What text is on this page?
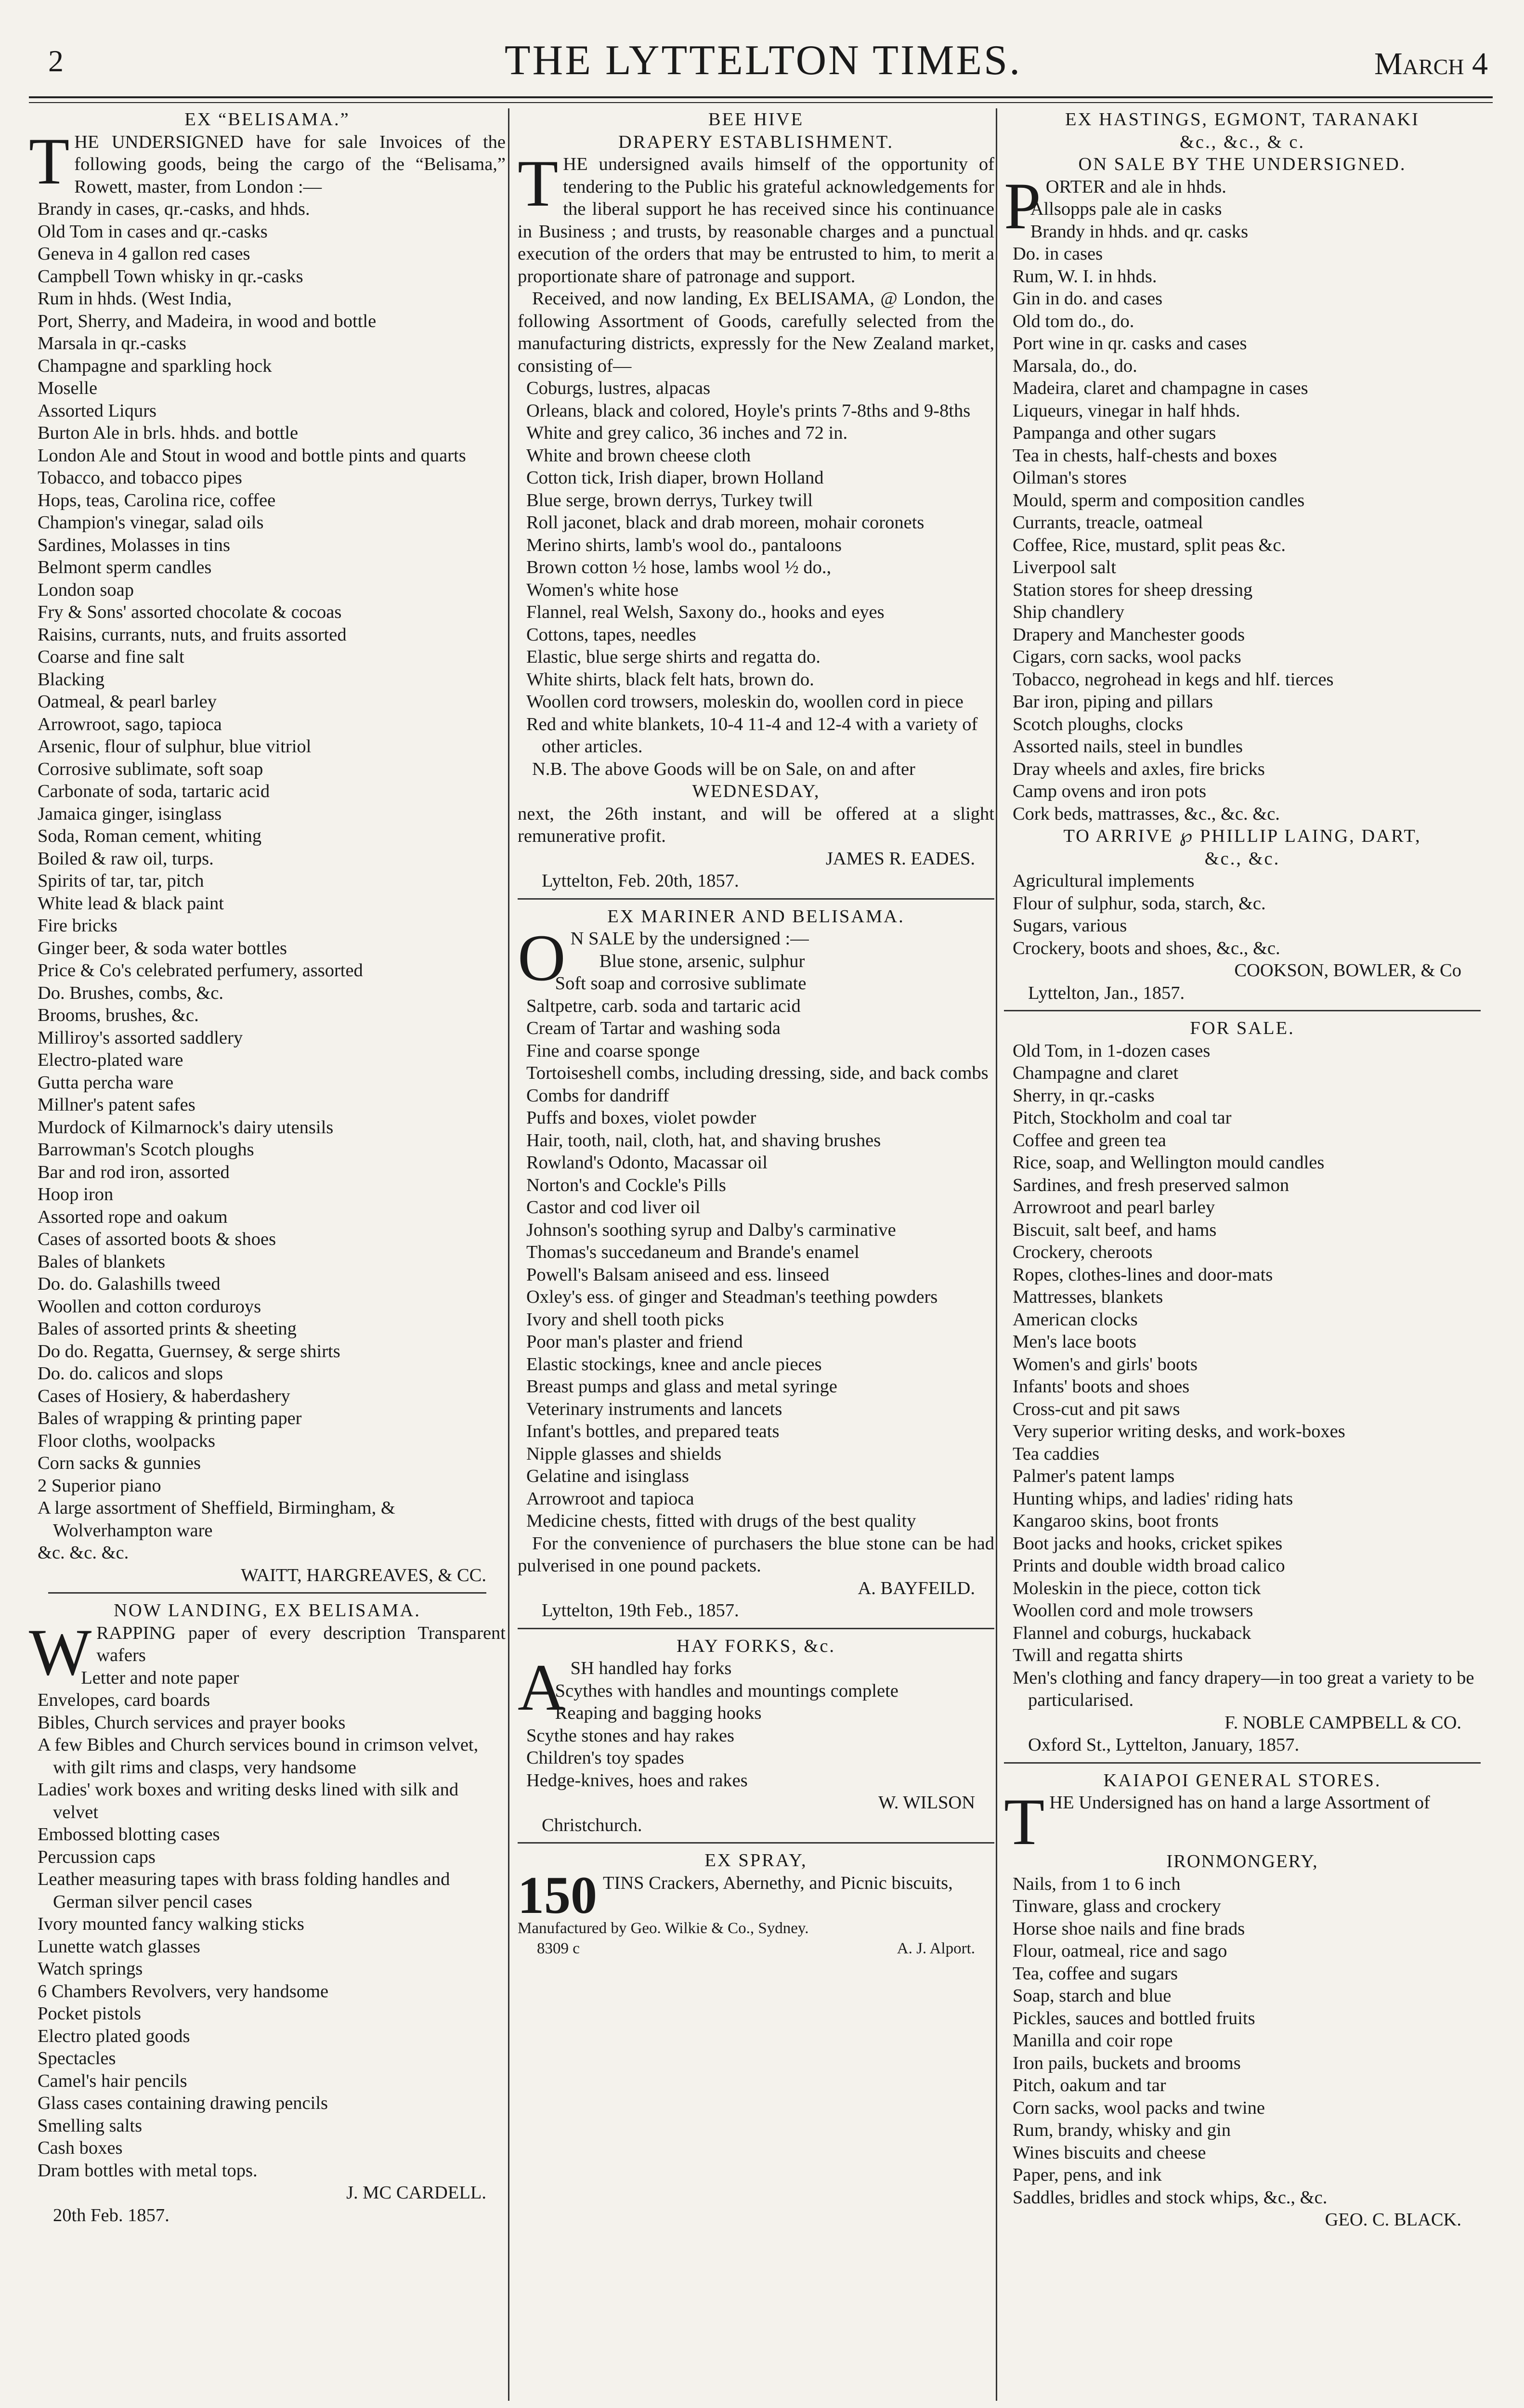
2	THE LYTTELTON TIMES.	March 4
EX “BELISAMA.”

THE UNDERSIGNED have for sale Invoices of the following goods, being the cargo of the “Belisama,” Rowett, master, from London :—

Brandy in cases, qr.-casks, and hhds.
Old Tom in cases and qr.-casks
Geneva in 4 gallon red cases
Campbell Town whisky in qr.-casks
Rum in hhds. (West India,
Port, Sherry, and Madeira, in wood and bottle
Marsala in qr.-casks
Champagne and sparkling hock
Moselle
Assorted Liqurs
Burton Ale in brls. hhds. and bottle
London Ale and Stout in wood and bottle pints and quarts
Tobacco, and tobacco pipes
Hops, teas, Carolina rice, coffee
Champion's vinegar, salad oils
Sardines, Molasses in tins
Belmont sperm candles
London soap
Fry & Sons' assorted chocolate & cocoas
Raisins, currants, nuts, and fruits assorted
Coarse and fine salt
Blacking
Oatmeal, & pearl barley
Arrowroot, sago, tapioca
Arsenic, flour of sulphur, blue vitriol
Corrosive sublimate, soft soap
Carbonate of soda, tartaric acid
Jamaica ginger, isinglass
Soda, Roman cement, whiting
Boiled & raw oil, turps.
Spirits of tar, tar, pitch
White lead & black paint
Fire bricks
Ginger beer, & soda water bottles
Price & Co's celebrated perfumery, assorted
Do. Brushes, combs, &c.
Brooms, brushes, &c.
Milliroy's assorted saddlery
Electro-plated ware
Gutta percha ware
Millner's patent safes
Murdock of Kilmarnock's dairy utensils
Barrowman's Scotch ploughs
Bar and rod iron, assorted
Hoop iron
Assorted rope and oakum
Cases of assorted boots & shoes
Bales of blankets
Do. do. Galashills tweed
Woollen and cotton corduroys
Bales of assorted prints & sheeting
Do do. Regatta, Guernsey, & serge shirts
Do. do. calicos and slops
Cases of Hosiery, & haberdashery
Bales of wrapping & printing paper
Floor cloths, woolpacks
Corn sacks & gunnies
2 Superior piano
A large assortment of Sheffield, Birmingham, & Wolverhampton ware
&c. &c. &c.
WAITT, HARGREAVES, & CC.
NOW LANDING, EX BELISAMA.

WRAPPING paper of every description Transparent wafers

Letter and note paper
Envelopes, card boards
Bibles, Church services and prayer books
A few Bibles and Church services bound in crimson velvet, with gilt rims and clasps, very handsome
Ladies' work boxes and writing desks lined with silk and velvet
Embossed blotting cases
Percussion caps
Leather measuring tapes with brass folding handles and German silver pencil cases
Ivory mounted fancy walking sticks
Lunette watch glasses
Watch springs
6 Chambers Revolvers, very handsome
Pocket pistols
Electro plated goods
Spectacles
Camel's hair pencils
Glass cases containing drawing pencils
Smelling salts
Cash boxes
Dram bottles with metal tops.
J. MC CARDELL.
20th Feb. 1857.
BEE HIVE
DRAPERY ESTABLISHMENT.

THE undersigned avails himself of the opportunity of tendering to the Public his grateful acknowledgements for the liberal support he has received since his continuance in Business ; and trusts, by reasonable charges and a punctual execution of the orders that may be entrusted to him, to merit a proportionate share of patronage and support.

Received, and now landing, Ex BELISAMA, @ London, the following Assortment of Goods, carefully selected from the manufacturing districts, expressly for the New Zealand market, consisting of—

Coburgs, lustres, alpacas
Orleans, black and colored, Hoyle's prints 7-8ths and 9-8ths
White and grey calico, 36 inches and 72 in.
White and brown cheese cloth
Cotton tick, Irish diaper, brown Holland
Blue serge, brown derrys, Turkey twill
Roll jaconet, black and drab moreen, mohair coronets
Merino shirts, lamb's wool do., pantaloons
Brown cotton ½ hose, lambs wool ½ do.,
Women's white hose
Flannel, real Welsh, Saxony do., hooks and eyes
Cottons, tapes, needles
Elastic, blue serge shirts and regatta do.
White shirts, black felt hats, brown do.
Woollen cord trowsers, moleskin do, woollen cord in piece
Red and white blankets, 10-4 11-4 and 12-4 with a variety of other articles.

N.B. The above Goods will be on Sale, on and after

WEDNESDAY,

next, the 26th instant, and will be offered at a slight remunerative profit.

JAMES R. EADES.
Lyttelton, Feb. 20th, 1857.
EX MARINER AND BELISAMA.

O N SALE by the undersigned :—
Blue stone, arsenic, sulphur

Soft soap and corrosive sublimate
Saltpetre, carb. soda and tartaric acid
Cream of Tartar and washing soda
Fine and coarse sponge
Tortoiseshell combs, including dressing, side, and back combs
Combs for dandriff
Puffs and boxes, violet powder
Hair, tooth, nail, cloth, hat, and shaving brushes
Rowland's Odonto, Macassar oil
Norton's and Cockle's Pills
Castor and cod liver oil
Johnson's soothing syrup and Dalby's carminative
Thomas's succedaneum and Brande's enamel
Powell's Balsam aniseed and ess. linseed
Oxley's ess. of ginger and Steadman's teething powders
Ivory and shell tooth picks
Poor man's plaster and friend
Elastic stockings, knee and ancle pieces
Breast pumps and glass and metal syringe
Veterinary instruments and lancets
Infant's bottles, and prepared teats
Nipple glasses and shields
Gelatine and isinglass
Arrowroot and tapioca
Medicine chests, fitted with drugs of the best quality

For the convenience of purchasers the blue stone can be had pulverised in one pound packets.

A. BAYFEILD.
Lyttelton, 19th Feb., 1857.
HAY FORKS, &c.

ASH handled hay forks

Scythes with handles and mountings complete
Reaping and bagging hooks
Scythe stones and hay rakes
Children's toy spades
Hedge-knives, hoes and rakes
W. WILSON
Christchurch.
EX SPRAY,

150 TINS Crackers, Abernethy, and Picnic biscuits,

Manufactured by Geo. Wilkie & Co., Sydney.
8309 c	A. J. Alport.
EX HASTINGS, EGMONT, TARANAKI
&c., &c., & c.
ON SALE BY THE UNDERSIGNED.

PORTER and ale in hhds.

Allsopps pale ale in casks
Brandy in hhds. and qr. casks
Do. in cases
Rum, W. I. in hhds.
Gin in do. and cases
Old tom do., do.
Port wine in qr. casks and cases
Marsala, do., do.
Madeira, claret and champagne in cases
Liqueurs, vinegar in half hhds.
Pampanga and other sugars
Tea in chests, half-chests and boxes
Oilman's stores
Mould, sperm and composition candles
Currants, treacle, oatmeal
Coffee, Rice, mustard, split peas &c.
Liverpool salt
Station stores for sheep dressing
Ship chandlery
Drapery and Manchester goods
Cigars, corn sacks, wool packs
Tobacco, negrohead in kegs and hlf. tierces
Bar iron, piping and pillars
Scotch ploughs, clocks
Assorted nails, steel in bundles
Dray wheels and axles, fire bricks
Camp ovens and iron pots
Cork beds, mattrasses, &c., &c. &c.
TO ARRIVE ℘ PHILLIP LAING, DART,
&c., &c.
Agricultural implements
Flour of sulphur, soda, starch, &c.
Sugars, various
Crockery, boots and shoes, &c., &c.
COOKSON, BOWLER, & Co
Lyttelton, Jan., 1857.
FOR SALE.
Old Tom, in 1-dozen cases
Champagne and claret
Sherry, in qr.-casks
Pitch, Stockholm and coal tar
Coffee and green tea
Rice, soap, and Wellington mould candles
Sardines, and fresh preserved salmon
Arrowroot and pearl barley
Biscuit, salt beef, and hams
Crockery, cheroots
Ropes, clothes-lines and door-mats
Mattresses, blankets
American clocks
Men's lace boots
Women's and girls' boots
Infants' boots and shoes
Cross-cut and pit saws
Very superior writing desks, and work-boxes
Tea caddies
Palmer's patent lamps
Hunting whips, and ladies' riding hats
Kangaroo skins, boot fronts
Boot jacks and hooks, cricket spikes
Prints and double width broad calico
Moleskin in the piece, cotton tick
Woollen cord and mole trowsers
Flannel and coburgs, huckaback
Twill and regatta shirts
Men's clothing and fancy drapery—in too great a variety to be particularised.
F. NOBLE CAMPBELL & CO.
Oxford St., Lyttelton, January, 1857.
KAIAPOI GENERAL STORES.

THE Undersigned has on hand a large Assortment of

IRONMONGERY,
Nails, from 1 to 6 inch
Tinware, glass and crockery
Horse shoe nails and fine brads
Flour, oatmeal, rice and sago
Tea, coffee and sugars
Soap, starch and blue
Pickles, sauces and bottled fruits
Manilla and coir rope
Iron pails, buckets and brooms
Pitch, oakum and tar
Corn sacks, wool packs and twine
Rum, brandy, whisky and gin
Wines biscuits and cheese
Paper, pens, and ink
Saddles, bridles and stock whips, &c., &c.
GEO. C. BLACK.
